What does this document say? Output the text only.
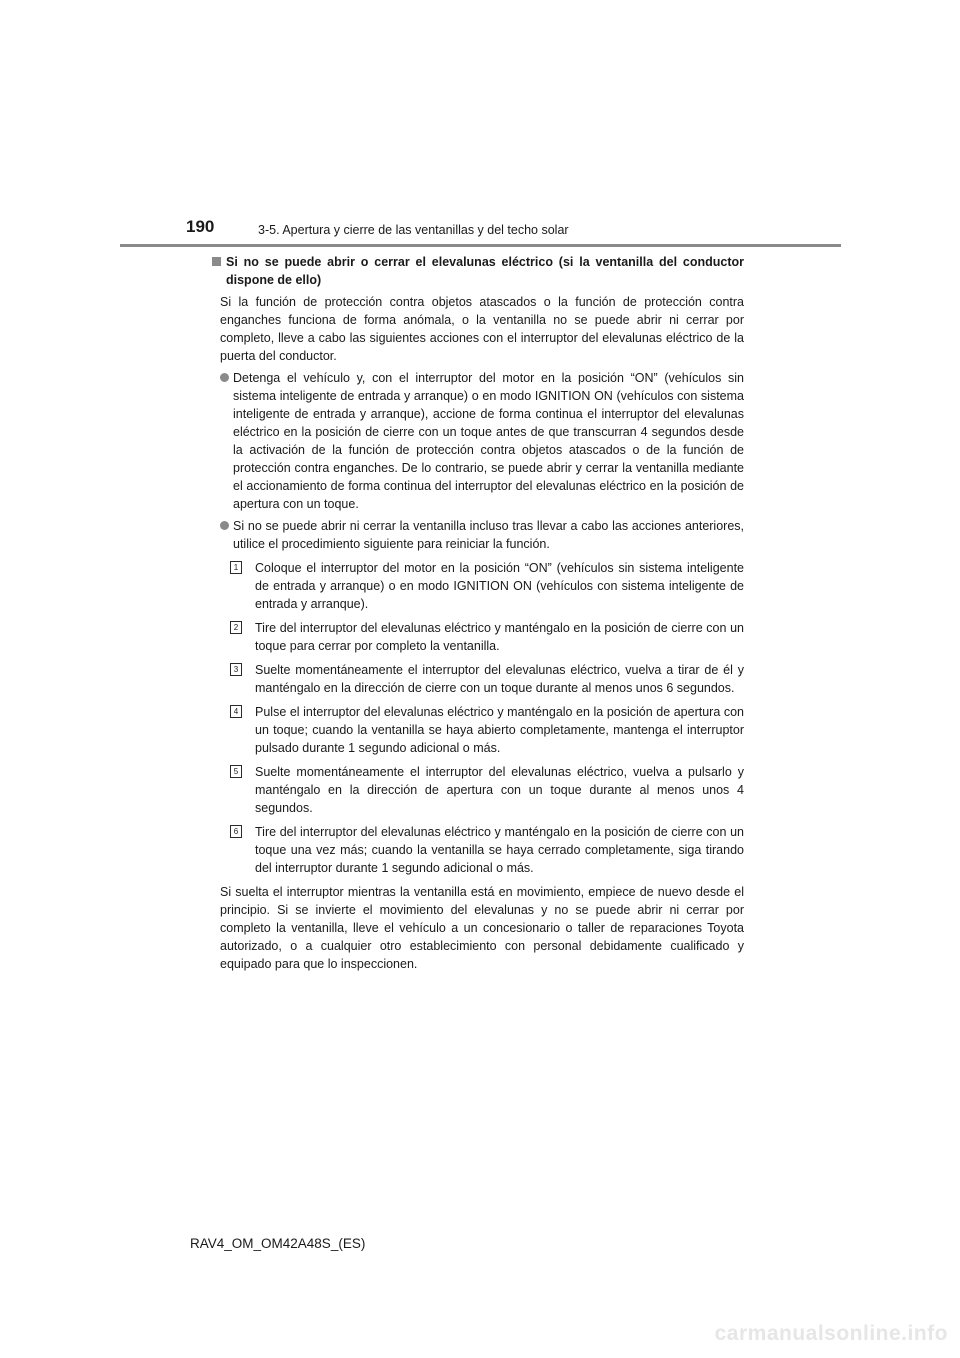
190	3-5. Apertura y cierre de las ventanillas y del techo solar
Si no se puede abrir o cerrar el elevalunas eléctrico (si la ventanilla del conductor dispone de ello)

Si la función de protección contra objetos atascados o la función de protección contra enganches funciona de forma anómala, o la ventanilla no se puede abrir ni cerrar por completo, lleve a cabo las siguientes acciones con el interruptor del elevalunas eléctrico de la puerta del conductor.

Detenga el vehículo y, con el interruptor del motor en la posición “ON” (vehículos sin sistema inteligente de entrada y arranque) o en modo IGNITION ON (vehículos con sistema inteligente de entrada y arranque), accione de forma continua el interruptor del elevalunas eléctrico en la posición de cierre con un toque antes de que transcurran 4 segundos desde la activación de la función de protección contra objetos atascados o de la función de protección contra enganches. De lo contrario, se puede abrir y cerrar la ventanilla mediante el accionamiento de forma continua del interruptor del elevalunas eléctrico en la posición de apertura con un toque.
Si no se puede abrir ni cerrar la ventanilla incluso tras llevar a cabo las acciones anteriores, utilice el procedimiento siguiente para reiniciar la función.
1	Coloque el interruptor del motor en la posición “ON” (vehículos sin sistema inteligente de entrada y arranque) o en modo IGNITION ON (vehículos con sistema inteligente de entrada y arranque).
2	Tire del interruptor del elevalunas eléctrico y manténgalo en la posición de cierre con un toque para cerrar por completo la ventanilla.
3	Suelte momentáneamente el interruptor del elevalunas eléctrico, vuelva a tirar de él y manténgalo en la dirección de cierre con un toque durante al menos unos 6 segundos.
4	Pulse el interruptor del elevalunas eléctrico y manténgalo en la posición de apertura con un toque; cuando la ventanilla se haya abierto completamente, mantenga el interruptor pulsado durante 1 segundo adicional o más.
5	Suelte momentáneamente el interruptor del elevalunas eléctrico, vuelva a pulsarlo y manténgalo en la dirección de apertura con un toque durante al menos unos 4 segundos.
6	Tire del interruptor del elevalunas eléctrico y manténgalo en la posición de cierre con un toque una vez más; cuando la ventanilla se haya cerrado completamente, siga tirando del interruptor durante 1 segundo adicional o más.

Si suelta el interruptor mientras la ventanilla está en movimiento, empiece de nuevo desde el principio. Si se invierte el movimiento del elevalunas y no se puede abrir ni cerrar por completo la ventanilla, lleve el vehículo a un concesionario o taller de reparaciones Toyota autorizado, o a cualquier otro establecimiento con personal debidamente cualificado y equipado para que lo inspeccionen.

RAV4_OM_OM42A48S_(ES)
carmanualsonline.info
